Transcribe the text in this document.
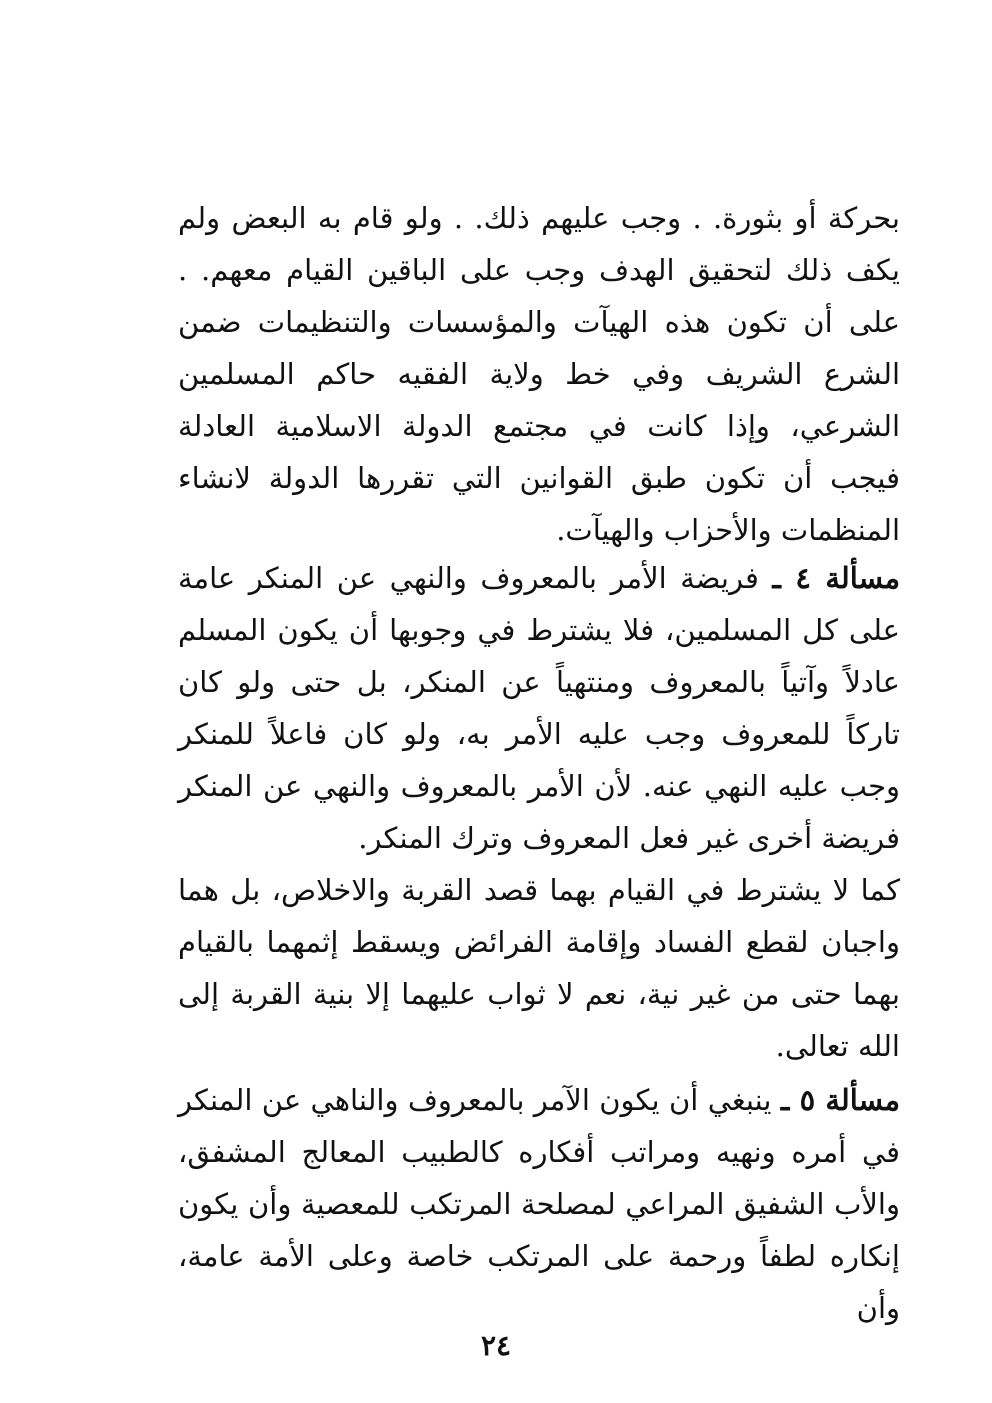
بحركة أو بثورة. . وجب عليهم ذلك. . ولو قام به البعض ولم يكف ذلك لتحقيق الهدف وجب على الباقين القيام معهم. . على أن تكون هذه الهيآت والمؤسسات والتنظيمات ضمن الشرع الشريف وفي خط ولاية الفقيه حاكم المسلمين الشرعي، وإذا كانت في مجتمع الدولة الاسلامية العادلة فيجب أن تكون طبق القوانين التي تقررها الدولة لانشاء المنظمات والأحزاب والهيآت.

مسألة ٤ ـ فريضة الأمر بالمعروف والنهي عن المنكر عامة على كل المسلمين، فلا يشترط في وجوبها أن يكون المسلم عادلاً وآتياً بالمعروف ومنتهياً عن المنكر، بل حتى ولو كان تاركاً للمعروف وجب عليه الأمر به، ولو كان فاعلاً للمنكر وجب عليه النهي عنه. لأن الأمر بالمعروف والنهي عن المنكر فريضة أخرى غير فعل المعروف وترك المنكر.

كما لا يشترط في القيام بهما قصد القربة والاخلاص، بل هما واجبان لقطع الفساد وإقامة الفرائض ويسقط إثمهما بالقيام بهما حتى من غير نية، نعم لا ثواب عليهما إلا بنية القربة إلى الله تعالى.

مسألة ٥ ـ ينبغي أن يكون الآمر بالمعروف والناهي عن المنكر في أمره ونهيه ومراتب أفكاره كالطبيب المعالج المشفق، والأب الشفيق المراعي لمصلحة المرتكب للمعصية وأن يكون إنكاره لطفاً ورحمة على المرتكب خاصة وعلى الأمة عامة، وأن

٢٤
